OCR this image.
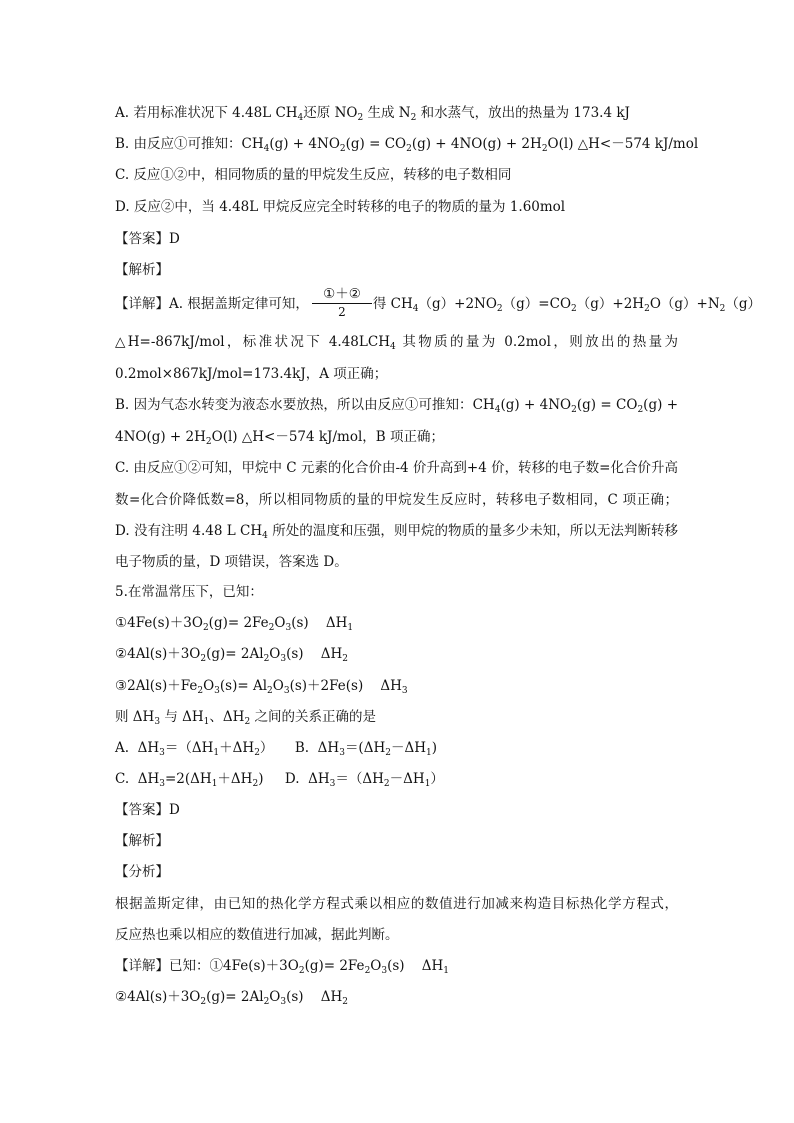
A. 若用标准状况下 4.48L $CH_4$还原 $NO_2$ 生成 $N_2$ 和水蒸气，放出的热量为 173.4 kJ
B. 由反应①可推知：$CH_4(g) + 4NO_2(g) = CO_2(g) + 4NO(g) + 2H_2O(l)$ △H<－574 kJ/mol
C. 反应①②中，相同物质的量的甲烷发生反应，转移的电子数相同
D. 反应②中，当 4.48L 甲烷反应完全时转移的电子的物质的量为 1.60mol
【答案】D
【解析】
【详解】A. 根据盖斯定律可知，	得 $CH_4(g)+2NO_2(g)=CO_2(g)+2H_2O(g)+N_2(g)$
①＋②
2
△H=-867kJ/mol，标准状况下 $4.48LCH_4$ 其物质的量为 0.2mol，则放出的热量为
0.2mol×867kJ/mol=173.4kJ，A 项正确；
B. 因为气态水转变为液态水要放热，所以由反应①可推知：$CH_4(g) + 4NO_2(g) = CO_2(g)$ +
$4NO(g) + 2H_2O(l)$ △H<－574 kJ/mol，B 项正确；
C. 由反应①②可知，甲烷中 C 元素的化合价由-4 价升高到+4 价，转移的电子数=化合价升高
数=化合价降低数=8，所以相同物质的量的甲烷发生反应时，转移电子数相同，C 项正确；
D. 没有注明 4.48 L $CH_4$ 所处的温度和压强，则甲烷的物质的量多少未知，所以无法判断转移
电子物质的量，D 项错误，答案选 D。
5.在常温常压下，已知：
$①4Fe(s)+3O_2(g)= 2Fe_2O_3(s)$    $\Delta H_1$
$②4Al(s)+3O_2(g)= 2Al_2O_3(s)$    $\Delta H_2$
$③2Al(s)+Fe_2O_3(s)= Al_2O_3(s)+2Fe(s)$    $\Delta H_3$
则 $\Delta H_3$ 与 $\Delta H_1$、$\Delta H_2$ 之间的关系正确的是
A.  $\Delta H_3=(\Delta H_1+\Delta H_2)$     B.  $\Delta H_3=(\Delta H_2-\Delta H_1)$
C.  $\Delta H_3=2(\Delta H_1+\Delta H_2)$     D.  $\Delta H_3=(\Delta H_2-\Delta H_1)$
【答案】D
【解析】
【分析】
根据盖斯定律，由已知的热化学方程式乘以相应的数值进行加减来构造目标热化学方程式，
反应热也乘以相应的数值进行加减，据此判断。
【详解】已知：$①4Fe(s)+3O_2(g)= 2Fe_2O_3(s)$    $\Delta H_1$
$②4Al(s)+3O_2(g)= 2Al_2O_3(s)$    $\Delta H_2$
